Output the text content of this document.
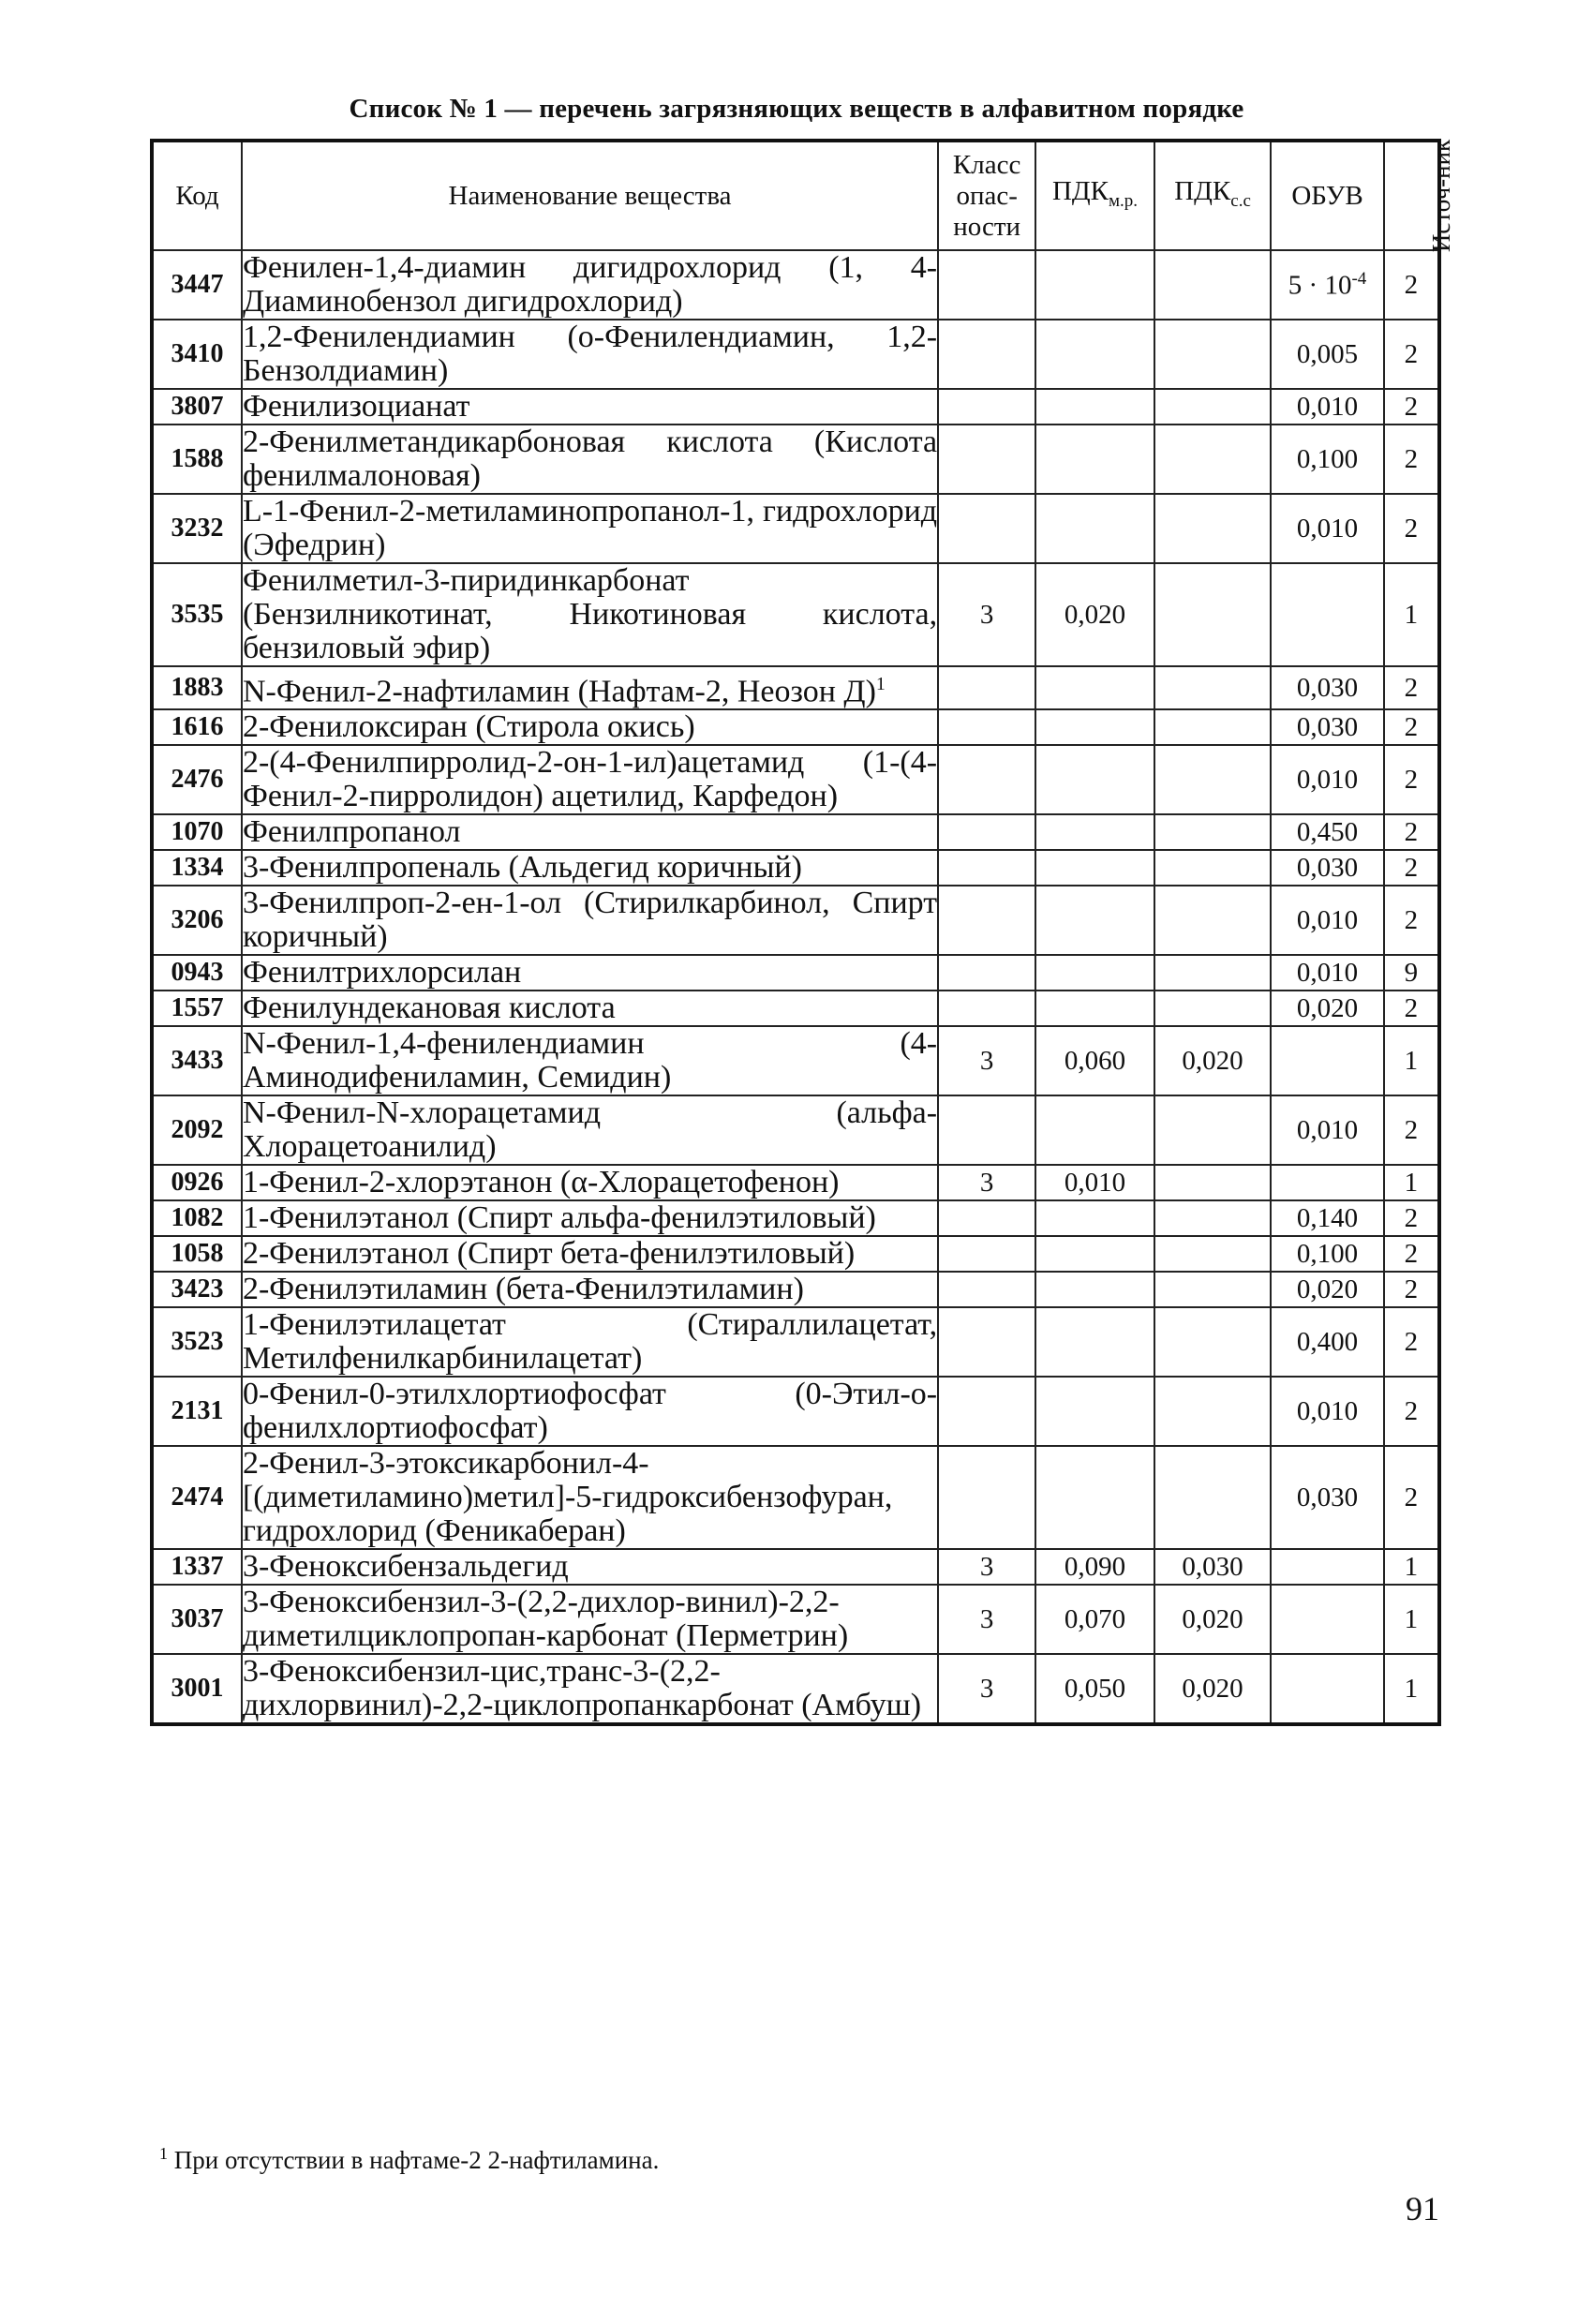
Список № 1 — перечень загрязняющих веществ в алфавитном порядке
Код	Наименование вещества	Класс
опас-
ности	$ПДК_{м.р.}$	$ПДК_{с.с}$	ОБУВ	Источ-ник
3447	Фенилен-1,4-диамин дигидрохлорид (1, 4-Диаминобензол дигидрохлорид)				$5 \cdot 10^{-4}$	2
3410	1,2-Фенилендиамин (о-Фенилендиамин, 1,2-Бензолдиамин)				0,005	2
3807	Фенилизоцианат				0,010	2
1588	2-Фенилметандикарбоновая кислота (Кислота фенилмалоновая)				0,100	2
3232	L-1-Фенил-2-метиламинопропанол-1, гидрохлорид (Эфедрин)				0,010	2
3535	Фенилметил-3-пиридинкарбонат (Бензилникотинат, Никотиновая кислота, бензиловый эфир)	3	0,020			1
1883	N-Фенил-2-нафтиламин (Нафтам-2, Неозон Д)$^1$				0,030	2
1616	2-Фенилоксиран (Стирола окись)				0,030	2
2476	2-(4-Фенилпирролид-2-он-1-ил)ацетамид (1-(4-Фенил-2-пирролидон) ацетилид, Карфедон)				0,010	2
1070	Фенилпропанол				0,450	2
1334	3-Фенилпропеналь (Альдегид коричный)				0,030	2
3206	3-Фенилпроп-2-ен-1-ол (Стирилкарбинол, Спирт коричный)				0,010	2
0943	Фенилтрихлорсилан				0,010	9
1557	Фенилундекановая кислота				0,020	2
3433	N-Фенил-1,4-фенилендиамин (4-Аминодифениламин, Семидин)	3	0,060	0,020		1
2092	N-Фенил-N-хлорацетамид (альфа-Хлорацетоанилид)				0,010	2
0926	1-Фенил-2-хлорэтанон (α-Хлорацетофенон)	3	0,010			1
1082	1-Фенилэтанол (Спирт альфа-фенилэтиловый)				0,140	2
1058	2-Фенилэтанол (Спирт бета-фенилэтиловый)				0,100	2
3423	2-Фенилэтиламин (бета-Фенилэтиламин)				0,020	2
3523	1-Фенилэтилацетат (Стираллилацетат, Метилфенилкарбинилацетат)				0,400	2
2131	0-Фенил-0-этилхлортиофосфат (0-Этил-о-фенилхлортиофосфат)				0,010	2
2474	2-Фенил-3-этоксикарбонил-4-[(диметиламино)метил]-5-гидроксибензофуран, гидрохлорид (Феникаберан)				0,030	2
1337	3-Феноксибензальдегид	3	0,090	0,030		1
3037	3-Феноксибензил-3-(2,2-дихлор-винил)-2,2-диметилциклопропан-карбонат (Перметрин)	3	0,070	0,020		1
3001	3-Феноксибензил-цис,транс-3-(2,2-дихлорвинил)-2,2-циклопропанкарбонат (Амбуш)	3	0,050	0,020		1
$^1$ При отсутствии в нафтаме-2 2-нафтиламина.
91
